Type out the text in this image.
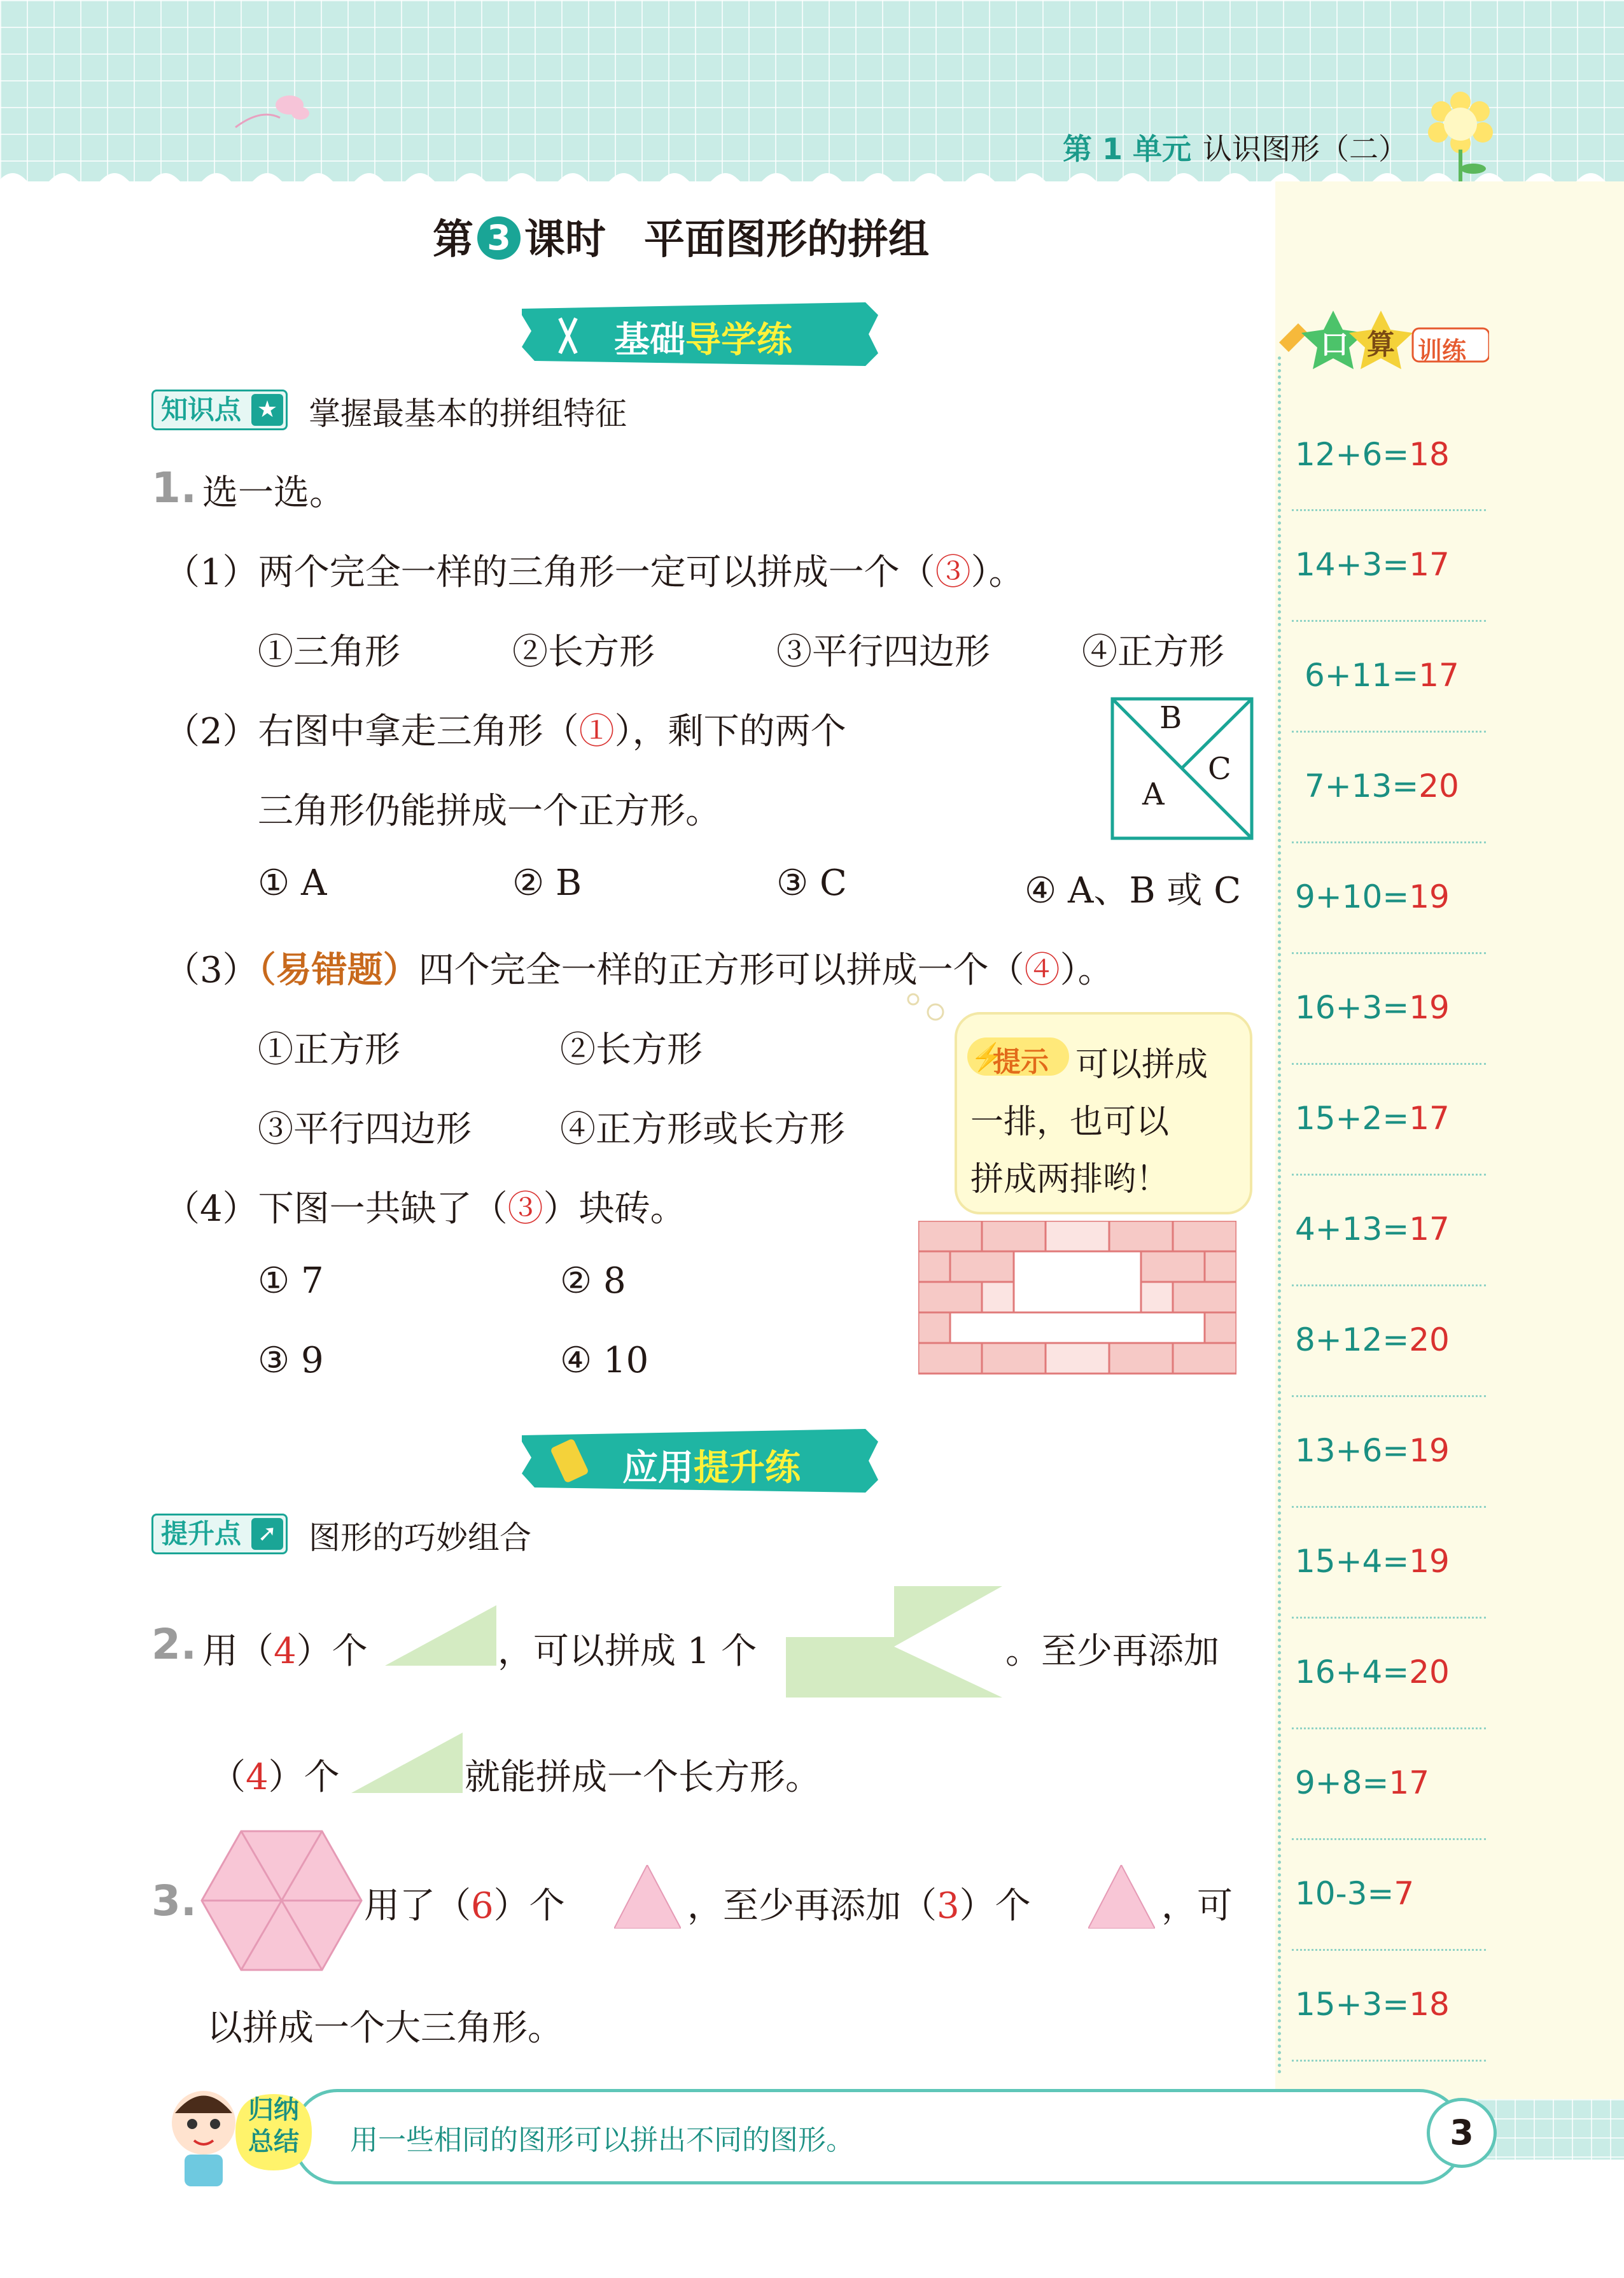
第 1 单元 认识图形（二）
口 算 训练
12+6=18
14+3=17
6+11=17
7+13=20
9+10=19
16+3=19
15+2=17
4+13=17
8+12=20
13+6=19
15+4=19
16+4=20
9+8=17
10-3=7
15+3=18
第 3 课时 平面图形的拼组
基础导学练
知识点 ★ 掌握最基本的拼组特征
1. 选一选。
（1）两个完全一样的三角形一定可以拼成一个（③）。
①三角形	②长方形	③平行四边形	④正方形
（2）右图中拿走三角形（①），剩下的两个
三角形仍能拼成一个正方形。
B
C
A
① A	② B	③ C	④ A、B 或 C
（3）（易错题）四个完全一样的正方形可以拼成一个（④）。
①正方形	②长方形
③平行四边形 ④正方形或长方形
⚡
提示 可以拼成
一排，也可以
拼成两排哟！
（4）下图一共缺了（③）块砖。
① 7	② 8
③ 9	④ 10
应用提升练
提升点 ➚ 图形的巧妙组合
2. 用（4）个	，可以拼成 1 个	。至少再添加
（4）个	就能拼成一个长方形。
3.	用了（6）个	，至少再添加（3）个	，可
以拼成一个大三角形。
归纳总结	用一些相同的图形可以拼出不同的图形。	3
